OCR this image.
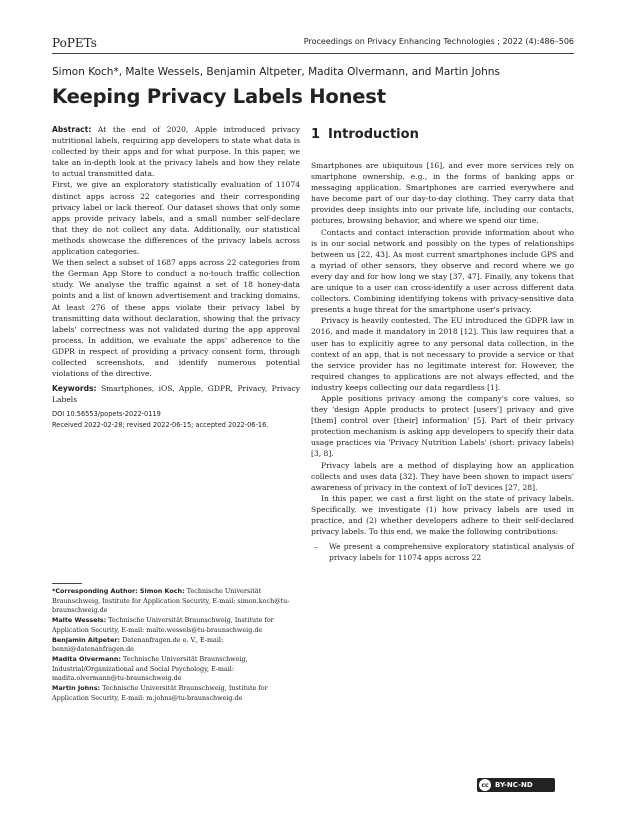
PoPETs	Proceedings on Privacy Enhancing Technologies ; 2022 (4):486–506
Simon Koch*, Malte Wessels, Benjamin Altpeter, Madita Olvermann, and Martin Johns
Keeping Privacy Labels Honest

Abstract: At the end of 2020, Apple introduced privacy nutritional labels, requiring app developers to state what data is collected by their apps and for what purpose. In this paper, we take an in-depth look at the privacy labels and how they relate to actual transmitted data.

First, we give an exploratory statistically evaluation of 11074 distinct apps across 22 categories and their corresponding privacy label or lack thereof. Our dataset shows that only some apps provide privacy labels, and a small number self-declare that they do not collect any data. Additionally, our statistical methods showcase the differences of the privacy labels across application categories.

We then select a subset of 1687 apps across 22 categories from the German App Store to conduct a no-touch traffic collection study. We analyse the traffic against a set of 18 honey-data points and a list of known advertisement and tracking domains. At least 276 of these apps violate their privacy label by transmitting data without declaration, showing that the privacy labels' correctness was not validated during the app approval process. In addition, we evaluate the apps' adherence to the GDPR in respect of providing a privacy consent form, through collected screenshots, and identify numerous potential violations of the directive.

Keywords: Smartphones, iOS, Apple, GDPR, Privacy, Privacy Labels

DOI 10.56553/popets-2022-0119

Received 2022-02-28; revised 2022-06-15; accepted 2022-06-16.

*Corresponding Author: Simon Koch: Technische Universität Braunschweig, Institute for Application Security, E-mail: simon.koch@tu-braunschweig.de

Malte Wessels: Technische Universität Braunschweig, Institute for Application Security, E-mail: malte.wessels@tu-braunschweig.de

Benjamin Altpeter: Datenanfragen.de e. V., E-mail: benni@datenanfragen.de

Madita Olvermann: Technische Universität Braunschweig, Industrial/Organizational and Social Psychology, E-mail: madita.olvermann@tu-braunschweig.de

Martin Johns: Technische Universität Braunschweig, Institute for Application Security, E-mail: m.johns@tu-braunschweig.de

1 Introduction

Smartphones are ubiquitous [16], and ever more services rely on smartphone ownership, e.g., in the forms of banking apps or messaging application. Smartphones are carried everywhere and have become part of our day-to-day clothing. They carry data that provides deep insights into our private life, including our contacts, pictures, browsing behavior, and where we spend our time.

Contacts and contact interaction provide information about who is in our social network and possibly on the types of relationships between us [22, 43]. As most current smartphones include GPS and a myriad of other sensors, they observe and record where we go every day and for how long we stay [37, 47]. Finally, any tokens that are unique to a user can cross-identify a user across different data collectors. Combining identifying tokens with privacy-sensitive data presents a huge threat for the smartphone user's privacy.

Privacy is heavily contested. The EU introduced the GDPR law in 2016, and made it mandatory in 2018 [12]. This law requires that a user has to explicitly agree to any personal data collection, in the context of an app, that is not necessary to provide a service or that the service provider has no legitimate interest for. However, the required changes to applications are not always effected, and the industry keeps collecting our data regardless [1].

Apple positions privacy among the company's core values, so they 'design Apple products to protect [users'] privacy and give [them] control over [their] information' [5]. Part of their privacy protection mechanism is asking app developers to specify their data usage practices via 'Privacy Nutrition Labels' (short: privacy labels) [3, 8].

Privacy labels are a method of displaying how an application collects and uses data [32]. They have been shown to impact users' awareness of privacy in the context of IoT devices [27, 28].

In this paper, we cast a first light on the state of privacy labels. Specifically, we investigate (1) how privacy labels are used in practice, and (2) whether developers adhere to their self-declared privacy labels. To this end, we make the following contributions:

– We present a comprehensive exploratory statistical analysis of privacy labels for 11074 apps across 22

cc BY-NC-ND
